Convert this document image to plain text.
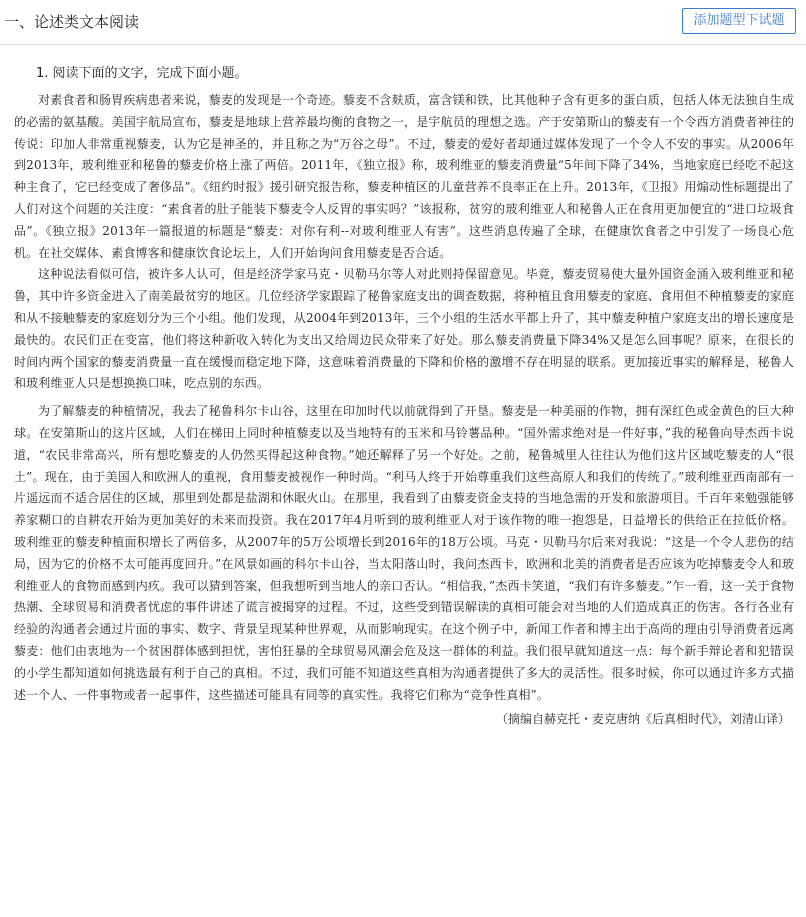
一、论述类文本阅读	添加题型下试题
1. 阅读下面的文字，完成下面小题。

对素食者和肠胃疾病患者来说，藜麦的发现是一个奇迹。藜麦不含麸质，富含镁和铁，比其他种子含有更多的蛋白质，包括人体无法独自生成的必需的氨基酸。美国宇航局宣布，藜麦是地球上营养最均衡的食物之一，是宇航员的理想之选。产于安第斯山的藜麦有一个令西方消费者神往的传说：印加人非常重视藜麦，认为它是神圣的，并且称之为“万谷之母”。不过，藜麦的爱好者却通过媒体发现了一个令人不安的事实。从2006年到2013年，玻利维亚和秘鲁的藜麦价格上涨了两倍。2011年，《独立报》称，玻利维亚的藜麦消费量“5年间下降了34%，当地家庭已经吃不起这种主食了，它已经变成了奢侈品”。《纽约时报》援引研究报告称，藜麦种植区的儿童营养不良率正在上升。2013年，《卫报》用煽动性标题提出了人们对这个问题的关注度：“素食者的肚子能装下藜麦令人反胃的事实吗？”该报称，贫穷的玻利维亚人和秘鲁人正在食用更加便宜的“进口垃圾食品”。《独立报》2013年一篇报道的标题是“藜麦：对你有利--对玻利维亚人有害”。这些消息传遍了全球，在健康饮食者之中引发了一场良心危机。在社交媒体、素食博客和健康饮食论坛上，人们开始询问食用藜麦是否合适。

这种说法看似可信，被许多人认可，但是经济学家马克・贝勒马尔等人对此则持保留意见。毕竟，藜麦贸易使大量外国资金涌入玻利维亚和秘鲁，其中许多资金进入了南美最贫穷的地区。几位经济学家跟踪了秘鲁家庭支出的调查数据，将种植且食用藜麦的家庭、食用但不种植藜麦的家庭和从不接触藜麦的家庭划分为三个小组。他们发现，从2004年到2013年，三个小组的生活水平都上升了，其中藜麦种植户家庭支出的增长速度是最快的。农民们正在变富，他们将这种新收入转化为支出又给周边民众带来了好处。那么藜麦消费量下降34%又是怎么回事呢？原来，在很长的时间内两个国家的藜麦消费量一直在缓慢而稳定地下降，这意味着消费量的下降和价格的激增不存在明显的联系。更加接近事实的解释是，秘鲁人和玻利维亚人只是想换换口味，吃点别的东西。

为了解藜麦的种植情况，我去了秘鲁科尔卡山谷，这里在印加时代以前就得到了开垦。藜麦是一种美丽的作物，拥有深红色或金黄色的巨大种球。在安第斯山的这片区域，人们在梯田上同时种植藜麦以及当地特有的玉米和马铃薯品种。“国外需求绝对是一件好事，”我的秘鲁向导杰西卡说道，“农民非常高兴，所有想吃藜麦的人仍然买得起这种食物。”她还解释了另一个好处。之前，秘鲁城里人往往认为他们这片区域吃藜麦的人“很土”。现在，由于美国人和欧洲人的重视，食用藜麦被视作一种时尚。“利马人终于开始尊重我们这些高原人和我们的传统了。”玻利维亚西南部有一片遥远而不适合居住的区域，那里到处都是盐湖和休眠火山。在那里，我看到了由藜麦资金支持的当地急需的开发和旅游项目。千百年来勉强能够养家糊口的自耕农开始为更加美好的未来而投资。我在2017年4月听到的玻利维亚人对于该作物的唯一抱怨是，日益增长的供给正在拉低价格。玻利维亚的藜麦种植面积增长了两倍多，从2007年的5万公顷增长到2016年的18万公顷。马克・贝勒马尔后来对我说：“这是一个令人悲伤的结局，因为它的价格不太可能再度回升。”在风景如画的科尔卡山谷，当太阳落山时，我问杰西卡，欧洲和北美的消费者是否应该为吃掉藜麦令人和玻利维亚人的食物而感到内疚。我可以猜到答案，但我想听到当地人的亲口否认。“相信我，”杰西卡笑道，“我们有许多藜麦。”乍一看，这一关于食物热潮、全球贸易和消费者忧虑的事件讲述了谎言被揭穿的过程。不过，这些受到错误解读的真相可能会对当地的人们造成真正的伤害。各行各业有经验的沟通者会通过片面的事实、数字、背景呈现某种世界观，从而影响现实。在这个例子中，新闻工作者和博主出于高尚的理由引导消费者远离藜麦：他们由衷地为一个贫困群体感到担忧，害怕狂暴的全球贸易风潮会危及这一群体的利益。我们很早就知道这一点：每个新手辩论者和犯错误的小学生都知道如何挑选最有利于自己的真相。不过，我们可能不知道这些真相为沟通者提供了多大的灵活性。很多时候，你可以通过许多方式描述一个人、一件事物或者一起事件，这些描述可能具有同等的真实性。我将它们称为“竞争性真相”。

（摘编自赫克托・麦克唐纳《后真相时代》，刘清山译）
